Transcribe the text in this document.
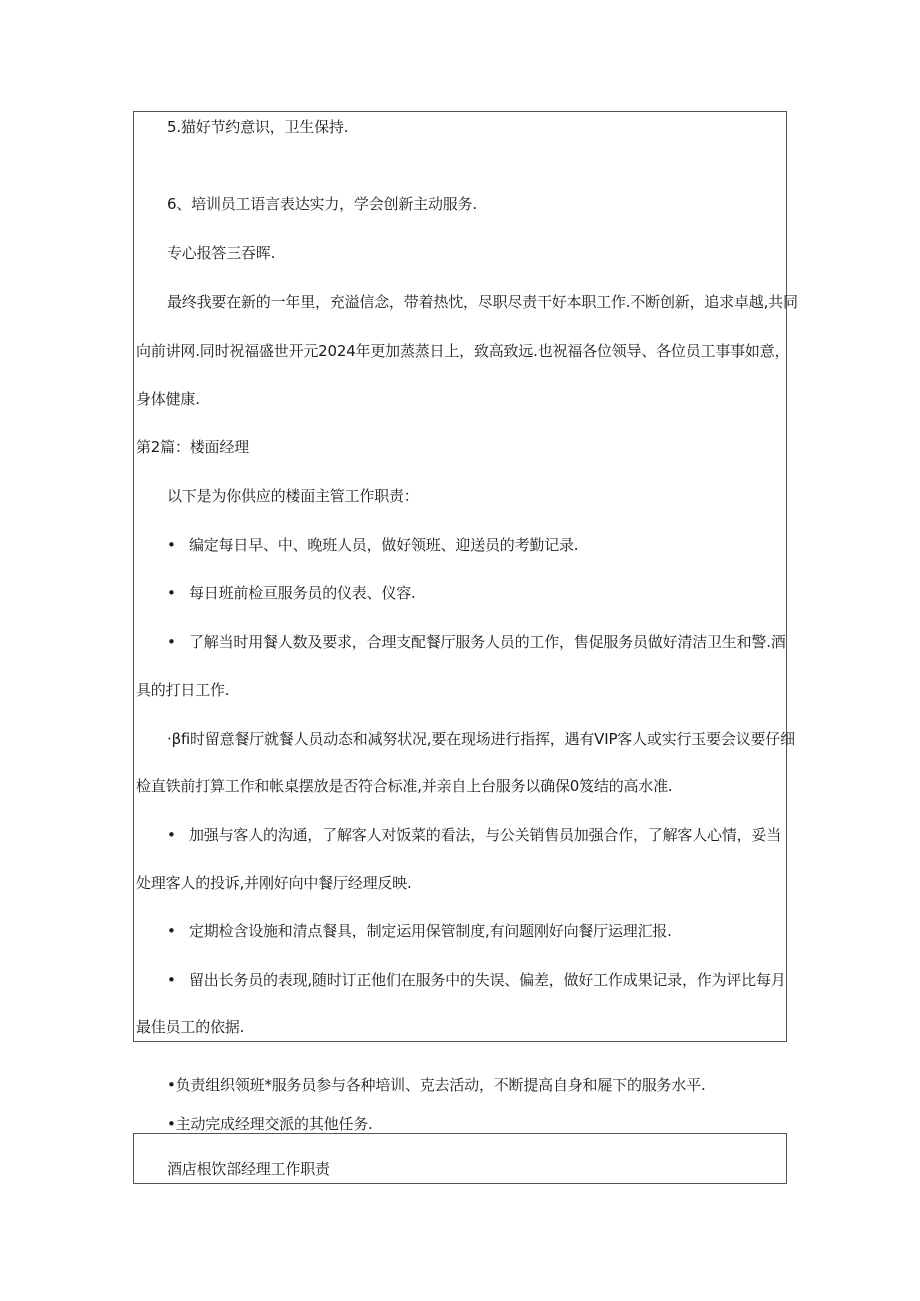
5.猫好节约意识，卫生保持.
6、培训员工语言表达实力，学会创新主动服务.
专心报答三吞晖.
最终我要在新的一年里，充溢信念，带着热忱，尽职尽责干好本职工作.不断创新，追求卓越,共同
向前讲网.同时祝福盛世开元2024年更加蒸蒸日上，致高致远.也祝福各位领导、各位员工事事如意，
身体健康.
第2篇：楼面经理
以下是为你供应的楼面主管工作职责：
• 编定每日早、中、晚班人员，做好领班、迎送员的考勤记录.
• 每日班前检亘服务员的仪表、仪容.
• 了解当时用餐人数及要求，合理支配餐厅服务人员的工作，售促服务员做好清洁卫生和警.酒
具的打日工作.
·βfi时留意餐厅就餐人员动态和减努状况,要在现场进行指挥，遇有VIP客人或实行玉要会议要仔细
检直铁前打算工作和帐桌摆放是否符合标准,并亲自上台服务以确保0笈结的高水准.
• 加强与客人的沟通，了解客人对饭菜的看法，与公关销售员加强合作，了解客人心情，妥当
处理客人的投诉,并刚好向中餐厅经理反映.
• 定期检含设施和清点餐具，制定运用保管制度,有问题刚好向餐厅运理汇报.
• 留出长务员的表现,随时订正他们在服务中的失误、偏差，做好工作成果记录，作为评比每月
最佳员工的依据.
•负责组织领班*服务员参与各种培训、克去活动，不断提高自身和屣下的服务水平.
•主动完成经理交派的其他任务.
酒店根饮部经理工作职责
